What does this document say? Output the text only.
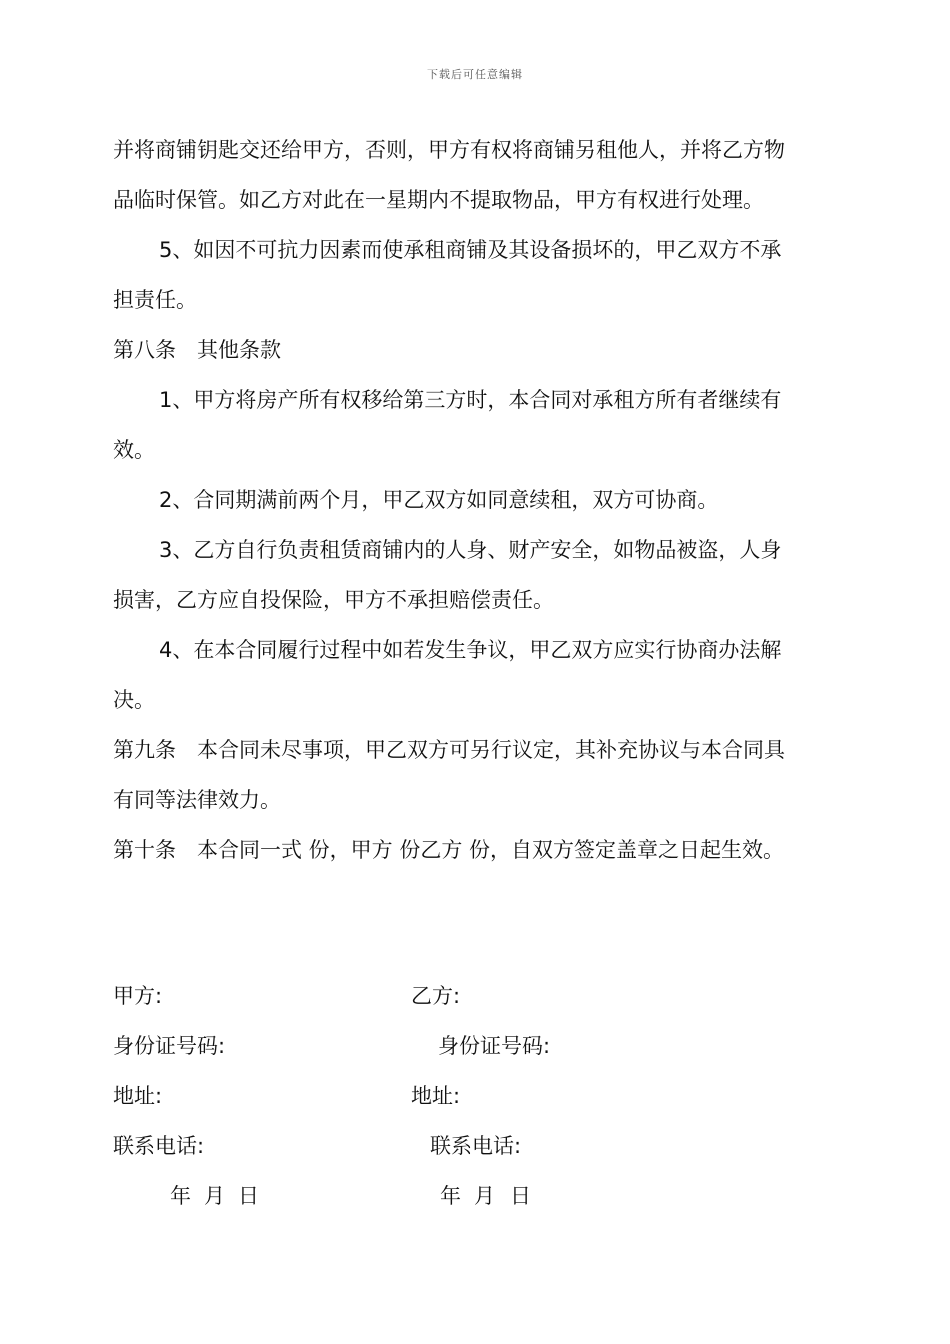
下载后可任意编辑

并将商铺钥匙交还给甲方，否则，甲方有权将商铺另租他人，并将乙方物

品临时保管。如乙方对此在一星期内不提取物品，甲方有权进行处理。

5、如因不可抗力因素而使承租商铺及其设备损坏的，甲乙双方不承

担责任。

第八条　其他条款

1、甲方将房产所有权移给第三方时，本合同对承租方所有者继续有

效。

2、合同期满前两个月，甲乙双方如同意续租，双方可协商。

3、乙方自行负责租赁商铺内的人身、财产安全，如物品被盗，人身

损害，乙方应自投保险，甲方不承担赔偿责任。

4、在本合同履行过程中如若发生争议，甲乙双方应实行协商办法解

决。

第九条　本合同未尽事项，甲乙双方可另行议定，其补充协议与本合同具

有同等法律效力。

第十条　本合同一式 份，甲方 份乙方 份，自双方签定盖章之日起生效。

甲方:	乙方:
身份证号码:	身份证号码:
地址:	地址:
联系电话:	联系电话:
年 月 日	年 月 日
